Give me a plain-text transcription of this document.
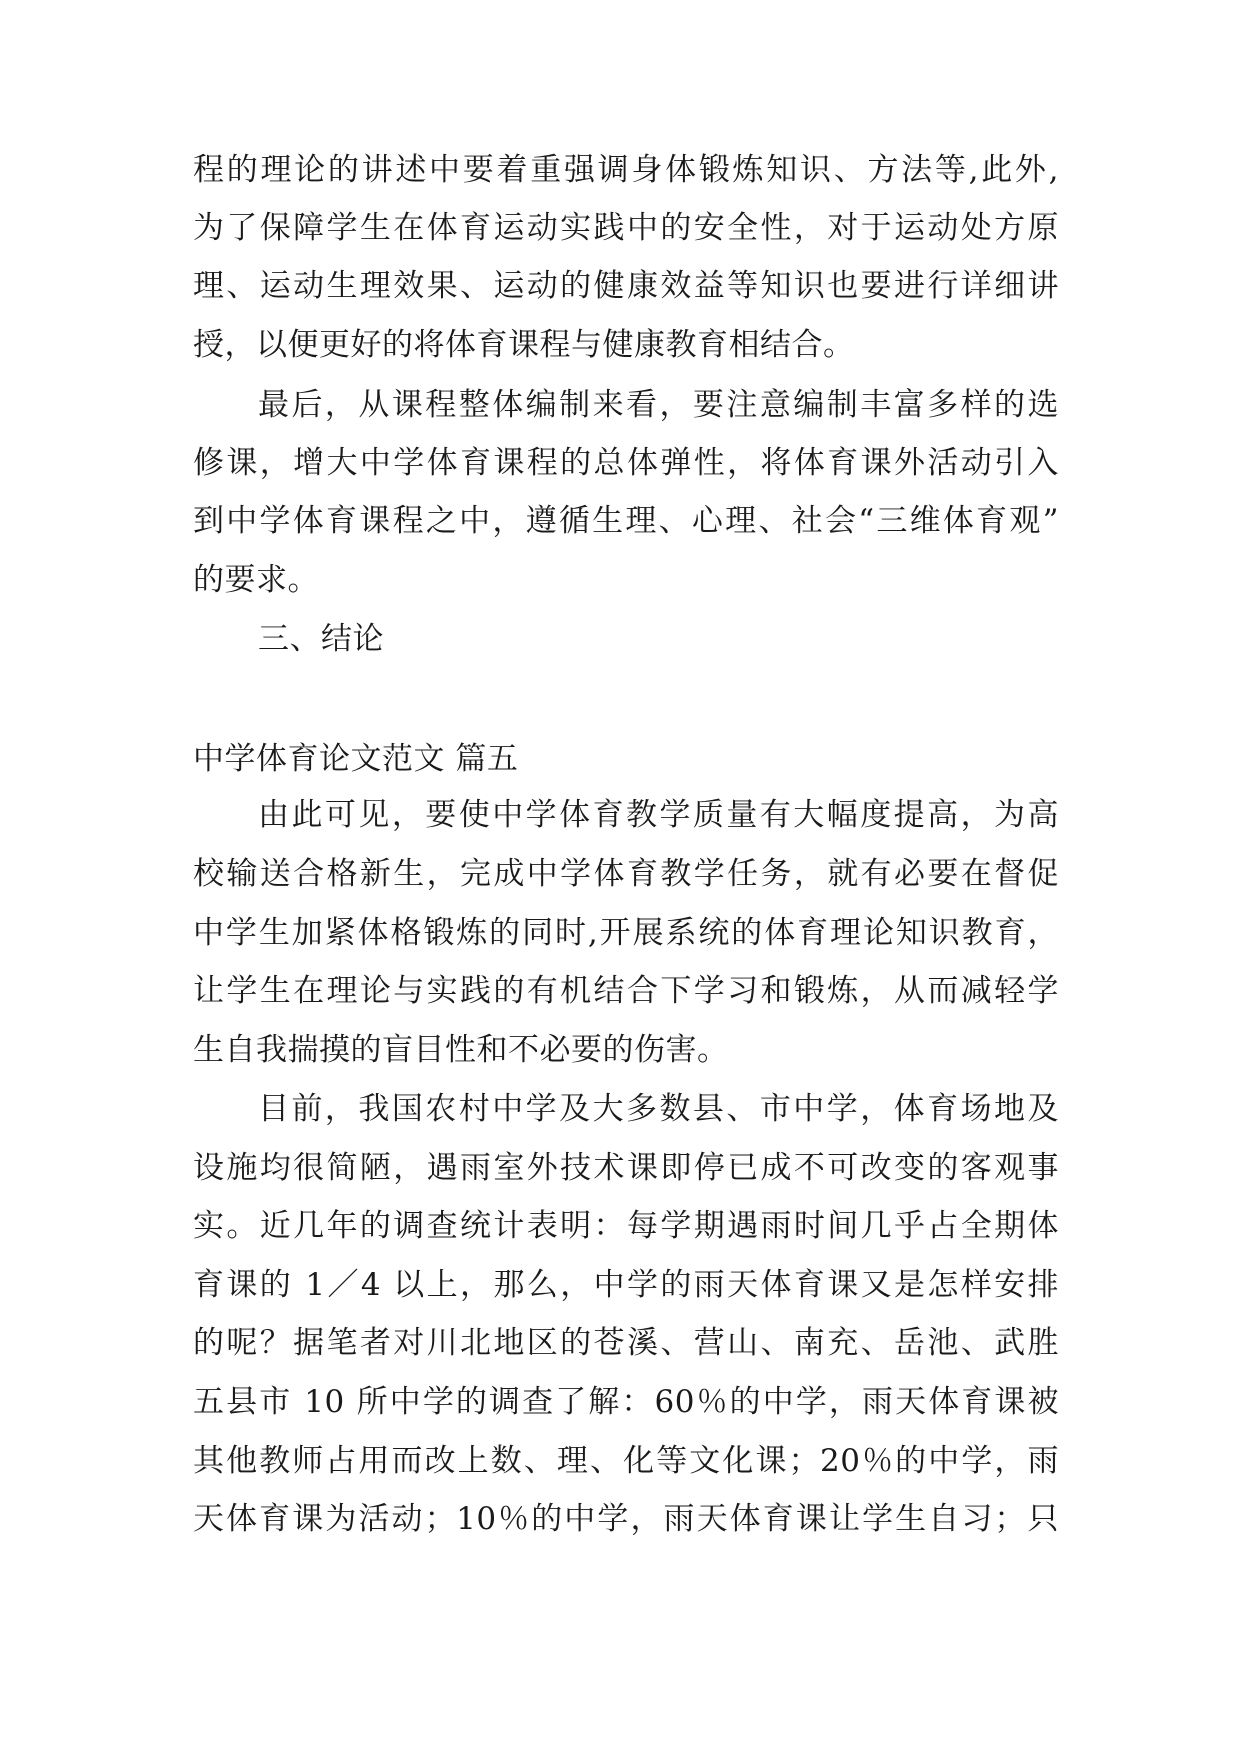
程的理论的讲述中要着重强调身体锻炼知识、方法等,此外,
为了保障学生在体育运动实践中的安全性，对于运动处方原
理、运动生理效果、运动的健康效益等知识也要进行详细讲
授，以便更好的将体育课程与健康教育相结合。
最后，从课程整体编制来看，要注意编制丰富多样的选
修课，增大中学体育课程的总体弹性，将体育课外活动引入
到中学体育课程之中，遵循生理、心理、社会“三维体育观”
的要求。
三、结论
中学体育论文范文 篇五
由此可见，要使中学体育教学质量有大幅度提高，为高
校输送合格新生，完成中学体育教学任务，就有必要在督促
中学生加紧体格锻炼的同时,开展系统的体育理论知识教育，
让学生在理论与实践的有机结合下学习和锻炼，从而减轻学
生自我揣摸的盲目性和不必要的伤害。
目前，我国农村中学及大多数县、市中学，体育场地及
设施均很简陋，遇雨室外技术课即停已成不可改变的客观事
实。近几年的调查统计表明：每学期遇雨时间几乎占全期体
育课的 1／4 以上，那么，中学的雨天体育课又是怎样安排
的呢？据笔者对川北地区的苍溪、营山、南充、岳池、武胜
五县市 10 所中学的调查了解：60％的中学，雨天体育课被
其他教师占用而改上数、理、化等文化课；20％的中学，雨
天体育课为活动；10％的中学，雨天体育课让学生自习；只
